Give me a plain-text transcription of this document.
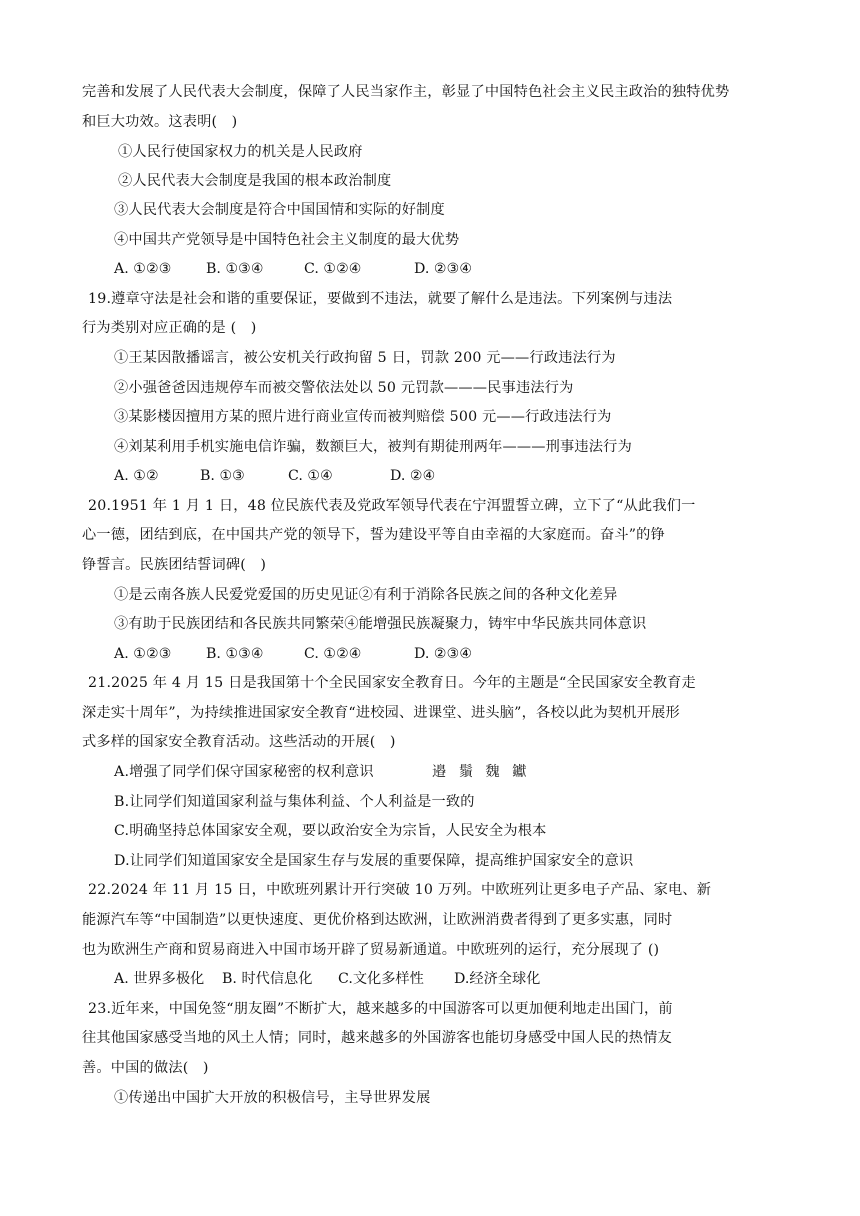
完善和发展了人民代表大会制度，保障了人民当家作主，彰显了中国特色社会主义民主政治的独特优势
和巨大功效。这表明(　)
①人民行使国家权力的机关是人民政府
②人民代表大会制度是我国的根本政治制度
③人民代表大会制度是符合中国国情和实际的好制度
④中国共产党领导是中国特色社会主义制度的最大优势
A. ①②③ B. ①③④	C. ①②④	D. ②③④
19.遵章守法是社会和谐的重要保证，要做到不违法，就要了解什么是违法。下列案例与违法
行为类别对应正确的是 (　)
①王某因散播谣言，被公安机关行政拘留 5 日，罚款 200 元——行政违法行为
②小强爸爸因违规停车而被交警依法处以 50 元罚款———民事违法行为
③某影楼因擅用方某的照片进行商业宣传而被判赔偿 500 元——行政违法行为
④刘某利用手机实施电信诈骗，数额巨大，被判有期徒刑两年———刑事违法行为
A. ①②	B. ①③	C. ①④	D. ②④
20.1951 年 1 月 1 日，48 位民族代表及党政军领导代表在宁洱盟誓立碑，立下了“从此我们一
心一德，团结到底，在中国共产党的领导下，誓为建设平等自由幸福的大家庭而。奋斗”的铮
铮誓言。民族团结誓词碑(　)
①是云南各族人民爱党爱国的历史见证②有利于消除各民族之间的各种文化差异
③有助于民族团结和各民族共同繁荣④能增强民族凝聚力，铸牢中华民族共同体意识
A. ①②③ B. ①③④	C. ①②④	D. ②③④
21.2025 年 4 月 15 日是我国第十个全民国家安全教育日。今年的主题是“全民国家安全教育走
深走实十周年”，为持续推进国家安全教育“进校园、进课堂、进头脑”，各校以此为契机开展形
式多样的国家安全教育活动。这些活动的开展(　)
A.增强了同学们保守国家秘密的权利意识	邉 鬚 魏 钀
B.让同学们知道国家利益与集体利益、个人利益是一致的
C.明确坚持总体国家安全观，要以政治安全为宗旨，人民安全为根本
D.让同学们知道国家安全是国家生存与发展的重要保障，提高维护国家安全的意识
22.2024 年 11 月 15 日，中欧班列累计开行突破 10 万列。中欧班列让更多电子产品、家电、新
能源汽车等“中国制造”以更快速度、更优价格到达欧洲，让欧洲消费者得到了更多实惠，同时
也为欧洲生产商和贸易商进入中国市场开辟了贸易新通道。中欧班列的运行，充分展现了 ()
A. 世界多极化 B. 时代信息化 C.文化多样性 D.经济全球化
23.近年来，中国免签“朋友圈”不断扩大，越来越多的中国游客可以更加便利地走出国门，前
往其他国家感受当地的风土人情；同时，越来越多的外国游客也能切身感受中国人民的热情友
善。中国的做法(　)
①传递出中国扩大开放的积极信号，主导世界发展
